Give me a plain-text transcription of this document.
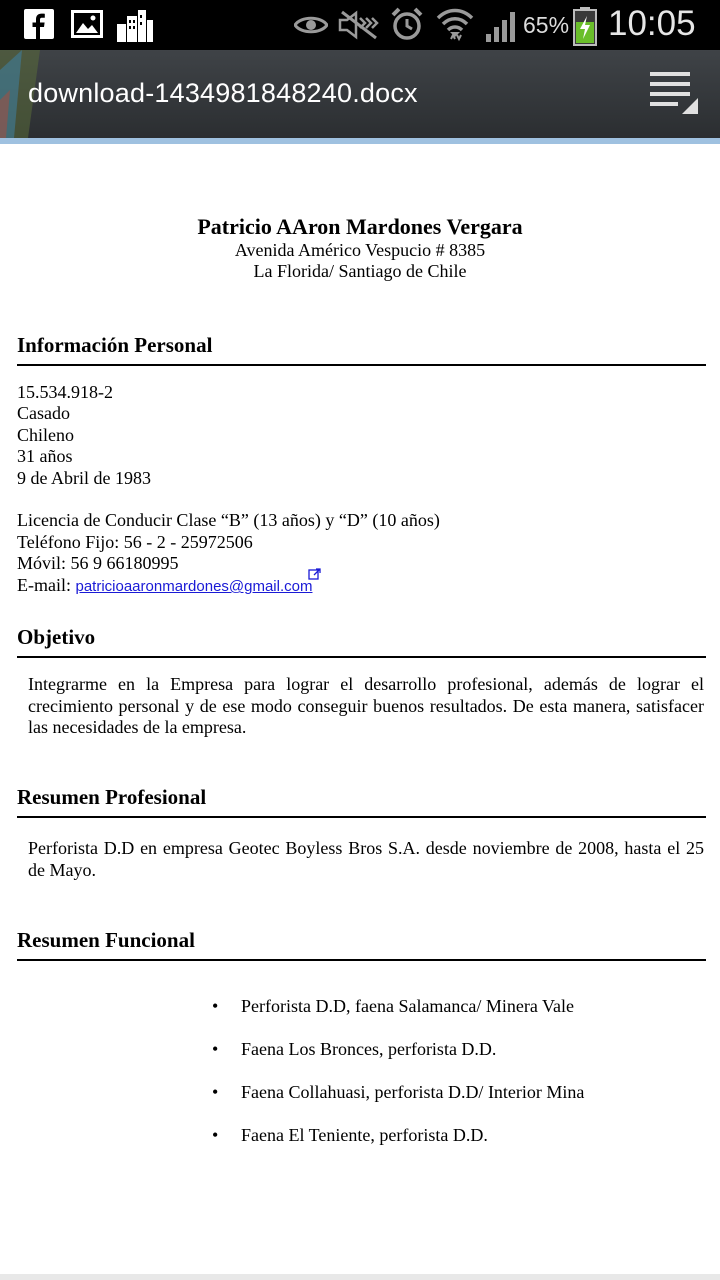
65% 10:05
download-1434981848240.docx
Patricio AAron Mardones Vergara
Avenida Américo Vespucio # 8385
La Florida/ Santiago de Chile
Información Personal
15.534.918-2
Casado
Chileno
31 años
9 de Abril de 1983
Licencia de Conducir Clase “B” (13 años) y “D” (10 años)
Teléfono Fijo: 56 - 2 - 25972506
Móvil: 56 9 66180995
E-mail: patricioaaronmardones@gmail.com
Objetivo
Integrarme en la Empresa para lograr el desarrollo profesional, además de lograr el crecimiento personal y de ese modo conseguir buenos resultados. De esta manera, satisfacer las necesidades de la empresa.
Resumen Profesional
Perforista D.D en empresa Geotec Boyless Bros S.A. desde noviembre de 2008, hasta el 25 de Mayo.
Resumen Funcional
• Perforista D.D, faena Salamanca/ Minera Vale
• Faena Los Bronces, perforista D.D.
• Faena Collahuasi, perforista D.D/ Interior Mina
• Faena El Teniente, perforista D.D.
